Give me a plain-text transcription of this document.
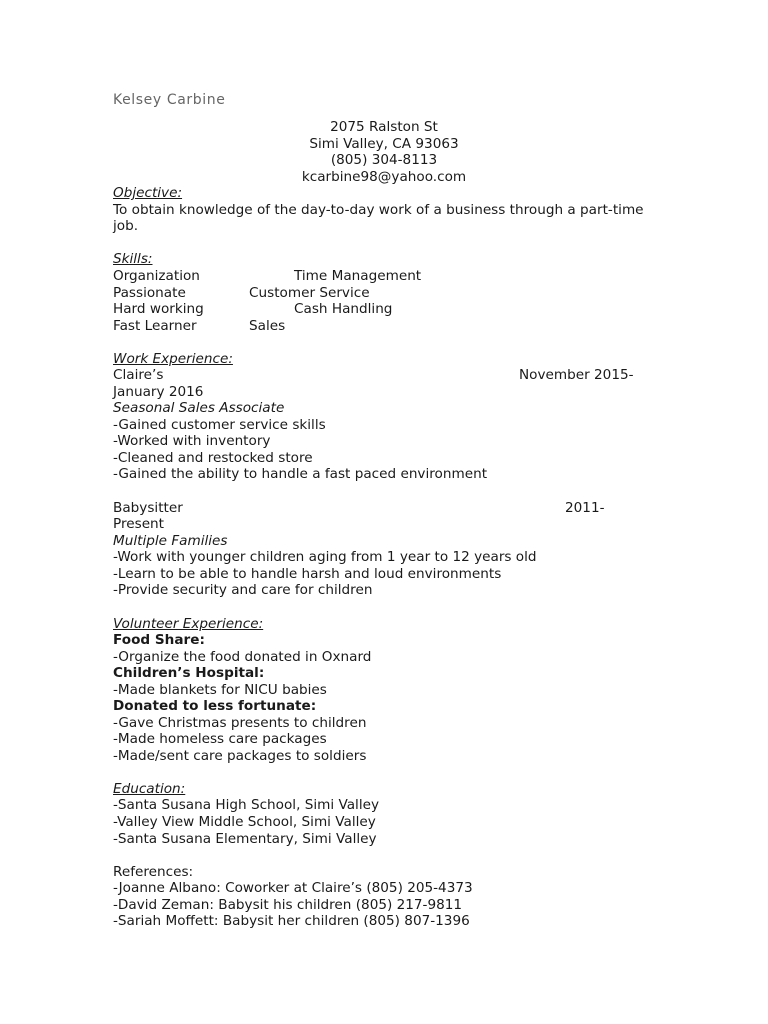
Kelsey Carbine
2075 Ralston St
Simi Valley, CA 93063
(805) 304-8113
kcarbine98@yahoo.com
Objective:
To obtain knowledge of the day-to-day work of a business through a part-time
job.
Skills:
Organization	Time Management
Passionate	Customer Service
Hard working	Cash Handling
Fast Learner	Sales
Work Experience:
Claire’s	November 2015-
January 2016
Seasonal Sales Associate
-Gained customer service skills
-Worked with inventory
-Cleaned and restocked store
-Gained the ability to handle a fast paced environment
Babysitter	2011-
Present
Multiple Families
-Work with younger children aging from 1 year to 12 years old
-Learn to be able to handle harsh and loud environments
-Provide security and care for children
Volunteer Experience:
Food Share:
-Organize the food donated in Oxnard
Children’s Hospital:
-Made blankets for NICU babies
Donated to less fortunate:
-Gave Christmas presents to children
-Made homeless care packages
-Made/sent care packages to soldiers
Education:
-Santa Susana High School, Simi Valley
-Valley View Middle School, Simi Valley
-Santa Susana Elementary, Simi Valley
References:
-Joanne Albano: Coworker at Claire’s (805) 205-4373
-David Zeman: Babysit his children (805) 217-9811
-Sariah Moffett: Babysit her children (805) 807-1396
